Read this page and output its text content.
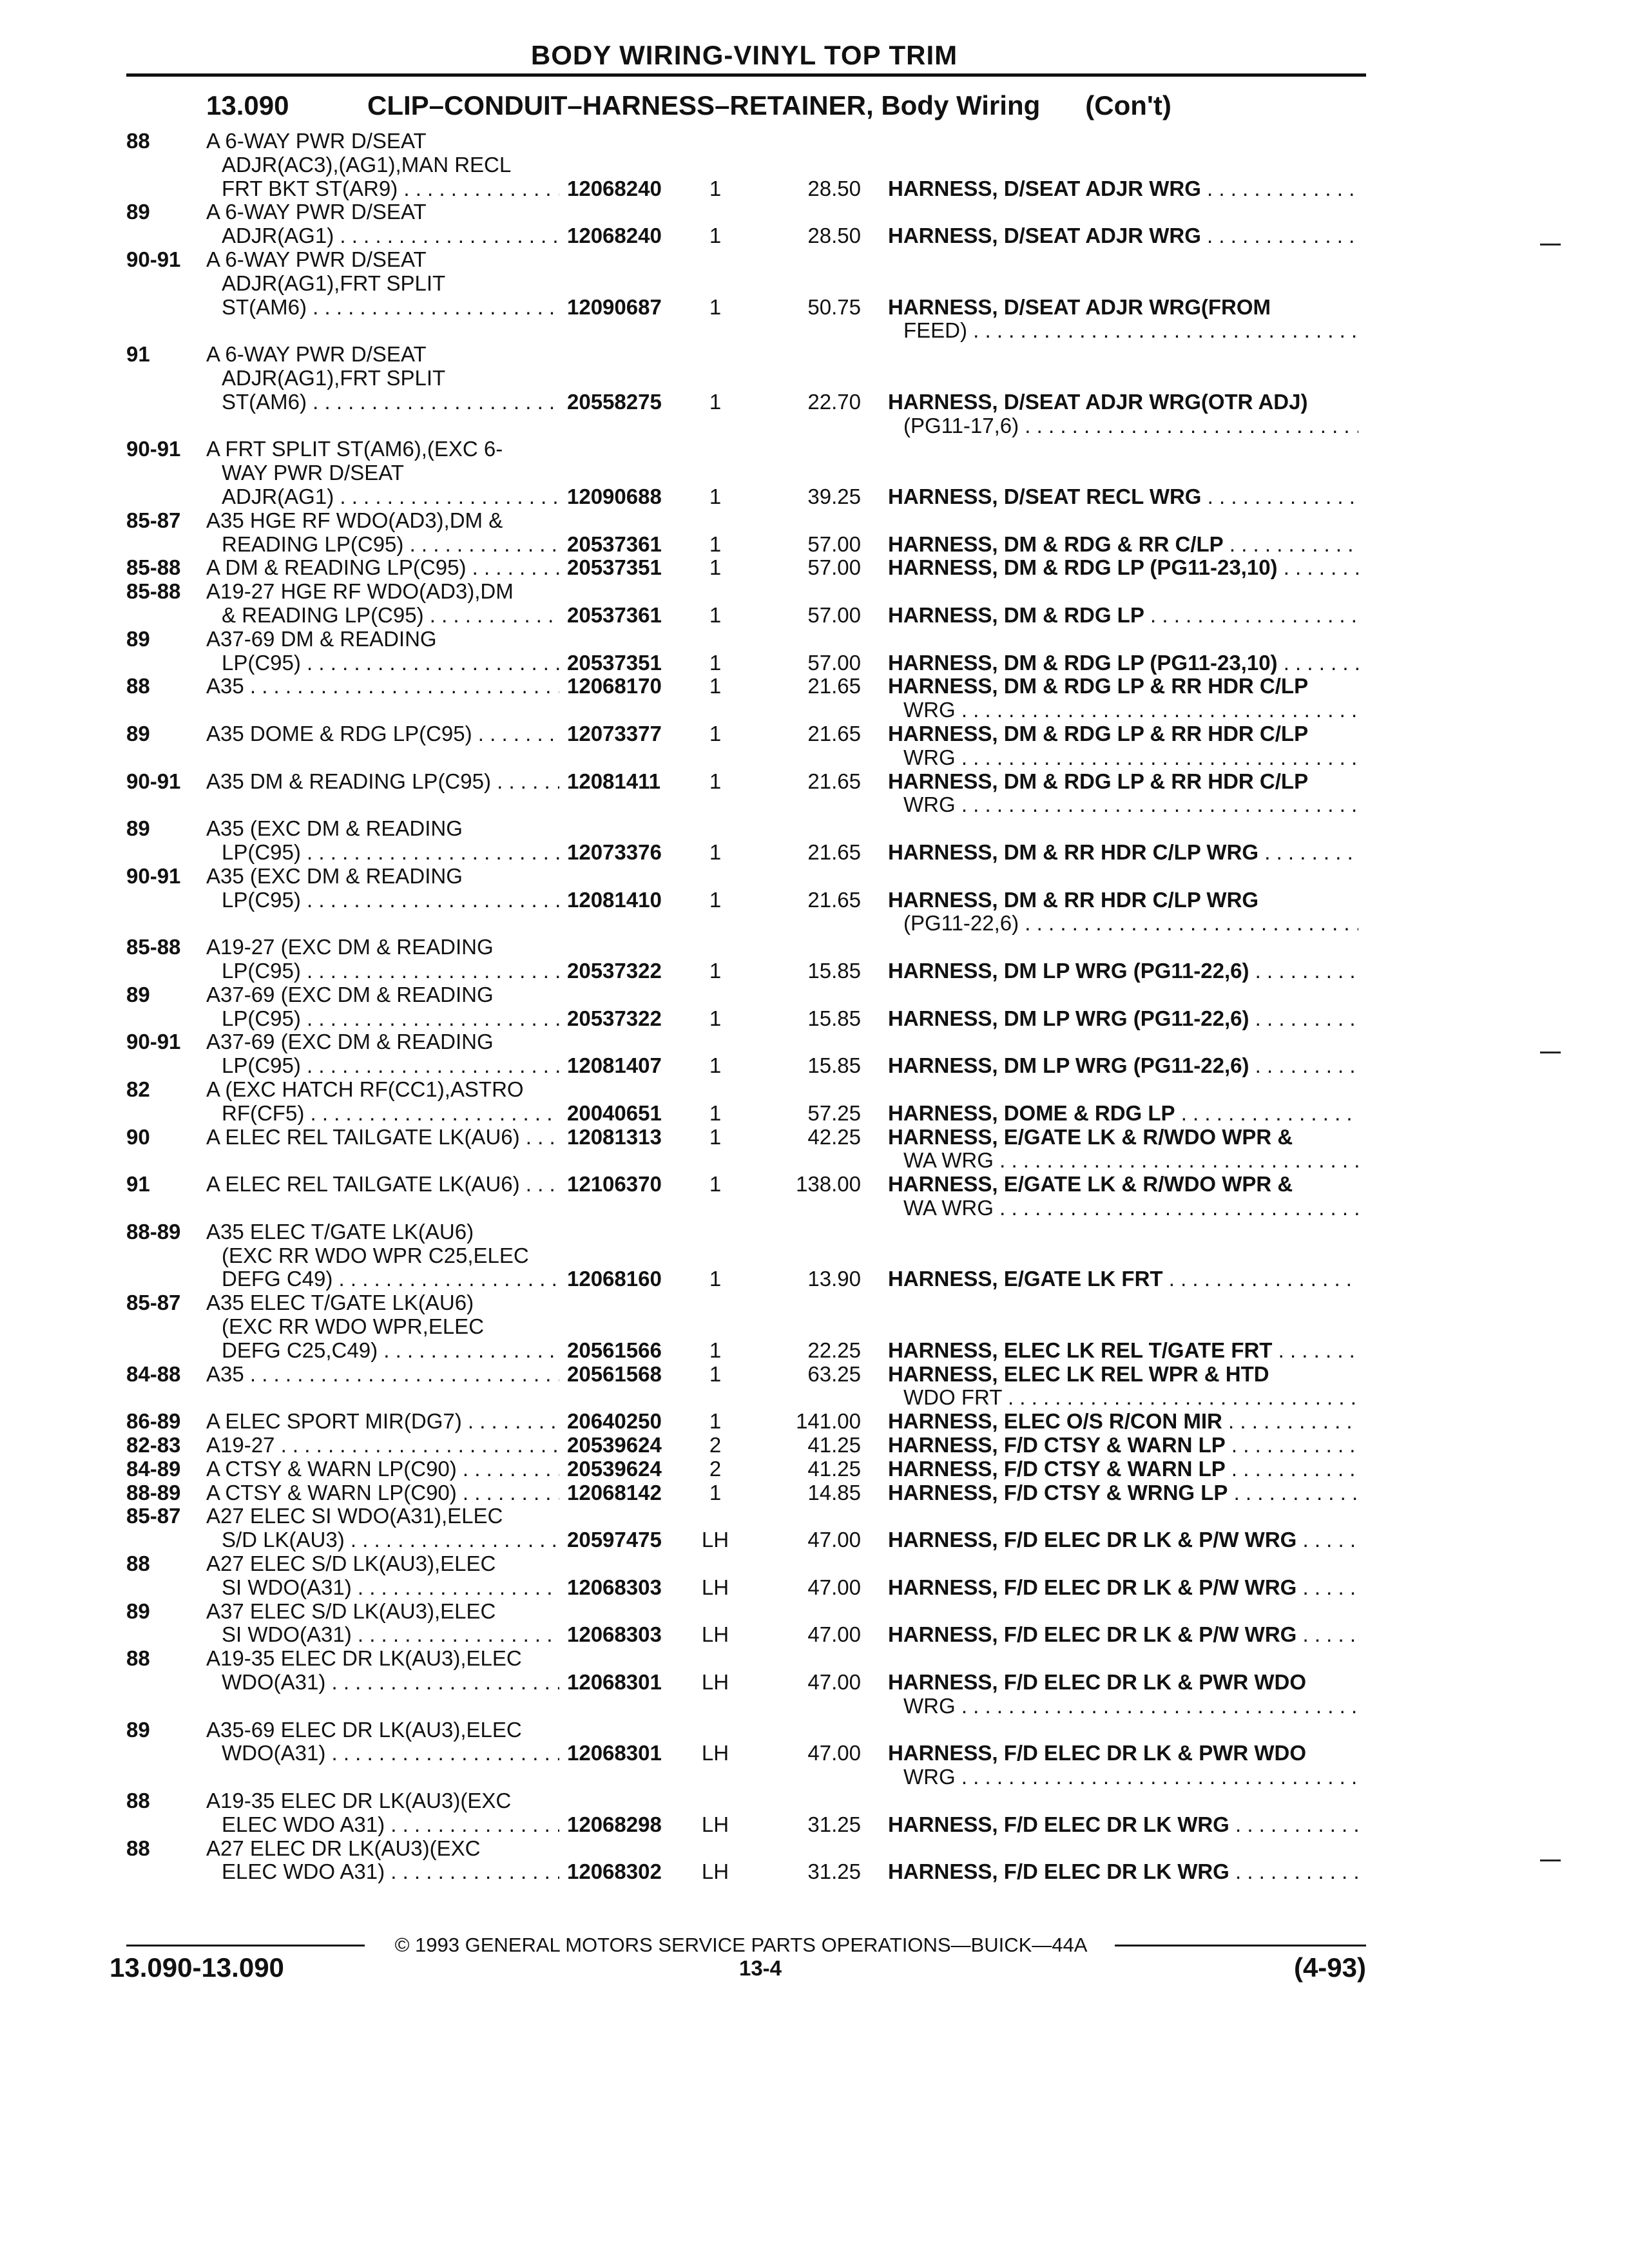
BODY WIRING-VINYL TOP TRIM
13.090	CLIP–CONDUIT–HARNESS–RETAINER, Body Wiring (Con't)
88	A 6-WAY PWR D/SEAT
ADJR(AC3),(AG1),MAN RECL
FRT BKT ST(AR9) . . .	12068240	1	28.50 HARNESS, D/SEAT ADJR WRG . . .
89	A 6-WAY PWR D/SEAT
ADJR(AG1) . . .	12068240	1	28.50 HARNESS, D/SEAT ADJR WRG . . .
90-91 A 6-WAY PWR D/SEAT
ADJR(AG1),FRT SPLIT
ST(AM6) . . .	12090687	1	50.75 HARNESS, D/SEAT ADJR WRG(FROM
FEED) . . .
91	A 6-WAY PWR D/SEAT
ADJR(AG1),FRT SPLIT
ST(AM6) . . .	20558275	1	22.70 HARNESS, D/SEAT ADJR WRG(OTR ADJ)
(PG11-17,6) . . .
90-91 A FRT SPLIT ST(AM6),(EXC 6-
WAY PWR D/SEAT
ADJR(AG1) . . .	12090688	1	39.25 HARNESS, D/SEAT RECL WRG . . .
85-87 A35 HGE RF WDO(AD3),DM &
READING LP(C95) . . .	20537361	1	57.00 HARNESS, DM & RDG & RR C/LP . . .
85-88 A DM & READING LP(C95) . . .	20537351	1	57.00 HARNESS, DM & RDG LP (PG11-23,10) . . .
85-88 A19-27 HGE RF WDO(AD3),DM
& READING LP(C95) . . .	20537361	1	57.00 HARNESS, DM & RDG LP . . .
89	A37-69 DM & READING
LP(C95) . . .	20537351	1	57.00 HARNESS, DM & RDG LP (PG11-23,10) . . .
88	A35 . . .	12068170	1	21.65 HARNESS, DM & RDG LP & RR HDR C/LP
WRG . . .
89	A35 DOME & RDG LP(C95) . . .	12073377	1	21.65 HARNESS, DM & RDG LP & RR HDR C/LP
WRG . . .
90-91 A35 DM & READING LP(C95) . . .	12081411	1	21.65 HARNESS, DM & RDG LP & RR HDR C/LP
WRG . . .
89	A35 (EXC DM & READING
LP(C95) . . .	12073376	1	21.65 HARNESS, DM & RR HDR C/LP WRG . . .
90-91 A35 (EXC DM & READING
LP(C95) . . .	12081410	1	21.65 HARNESS, DM & RR HDR C/LP WRG
(PG11-22,6) . . .
85-88 A19-27 (EXC DM & READING
LP(C95) . . .	20537322	1	15.85 HARNESS, DM LP WRG (PG11-22,6) . . .
89	A37-69 (EXC DM & READING
LP(C95) . . .	20537322	1	15.85 HARNESS, DM LP WRG (PG11-22,6) . . .
90-91 A37-69 (EXC DM & READING
LP(C95) . . .	12081407	1	15.85 HARNESS, DM LP WRG (PG11-22,6) . . .
82	A (EXC HATCH RF(CC1),ASTRO
RF(CF5) . . .	20040651	1	57.25 HARNESS, DOME & RDG LP . . .
90	A ELEC REL TAILGATE LK(AU6) . . .	12081313	1	42.25 HARNESS, E/GATE LK & R/WDO WPR &
WA WRG . . .
91	A ELEC REL TAILGATE LK(AU6) . . .	12106370	1	138.00 HARNESS, E/GATE LK & R/WDO WPR &
WA WRG . . .
88-89 A35 ELEC T/GATE LK(AU6)
(EXC RR WDO WPR C25,ELEC
DEFG C49) . . .	12068160	1	13.90 HARNESS, E/GATE LK FRT . . .
85-87 A35 ELEC T/GATE LK(AU6)
(EXC RR WDO WPR,ELEC
DEFG C25,C49) . . .	20561566	1	22.25 HARNESS, ELEC LK REL T/GATE FRT . . .
84-88 A35 . . .	20561568	1	63.25 HARNESS, ELEC LK REL WPR & HTD
WDO FRT . . .
86-89 A ELEC SPORT MIR(DG7) . . .	20640250	1	141.00 HARNESS, ELEC O/S R/CON MIR . . .
82-83 A19-27 . . .	20539624	2	41.25 HARNESS, F/D CTSY & WARN LP . . .
84-89 A CTSY & WARN LP(C90) . . .	20539624	2	41.25 HARNESS, F/D CTSY & WARN LP . . .
88-89 A CTSY & WARN LP(C90) . . .	12068142	1	14.85 HARNESS, F/D CTSY & WRNG LP . . .
85-87 A27 ELEC SI WDO(A31),ELEC
S/D LK(AU3) . . .	20597475 LH	47.00 HARNESS, F/D ELEC DR LK & P/W WRG . . .
88	A27 ELEC S/D LK(AU3),ELEC
SI WDO(A31) . . .	12068303 LH	47.00 HARNESS, F/D ELEC DR LK & P/W WRG . . .
89	A37 ELEC S/D LK(AU3),ELEC
SI WDO(A31) . . .	12068303 LH	47.00 HARNESS, F/D ELEC DR LK & P/W WRG . . .
88	A19-35 ELEC DR LK(AU3),ELEC
WDO(A31) . . .	12068301 LH	47.00 HARNESS, F/D ELEC DR LK & PWR WDO
WRG . . .
89	A35-69 ELEC DR LK(AU3),ELEC
WDO(A31) . . .	12068301 LH	47.00 HARNESS, F/D ELEC DR LK & PWR WDO
WRG . . .
88	A19-35 ELEC DR LK(AU3)(EXC
ELEC WDO A31) . . .	12068298 LH	31.25 HARNESS, F/D ELEC DR LK WRG . . .
88	A27 ELEC DR LK(AU3)(EXC
ELEC WDO A31) . . .	12068302 LH	31.25 HARNESS, F/D ELEC DR LK WRG . . .
© 1993 GENERAL MOTORS SERVICE PARTS OPERATIONS—BUICK—44A
13.090-13.090	13-4	(4-93)
